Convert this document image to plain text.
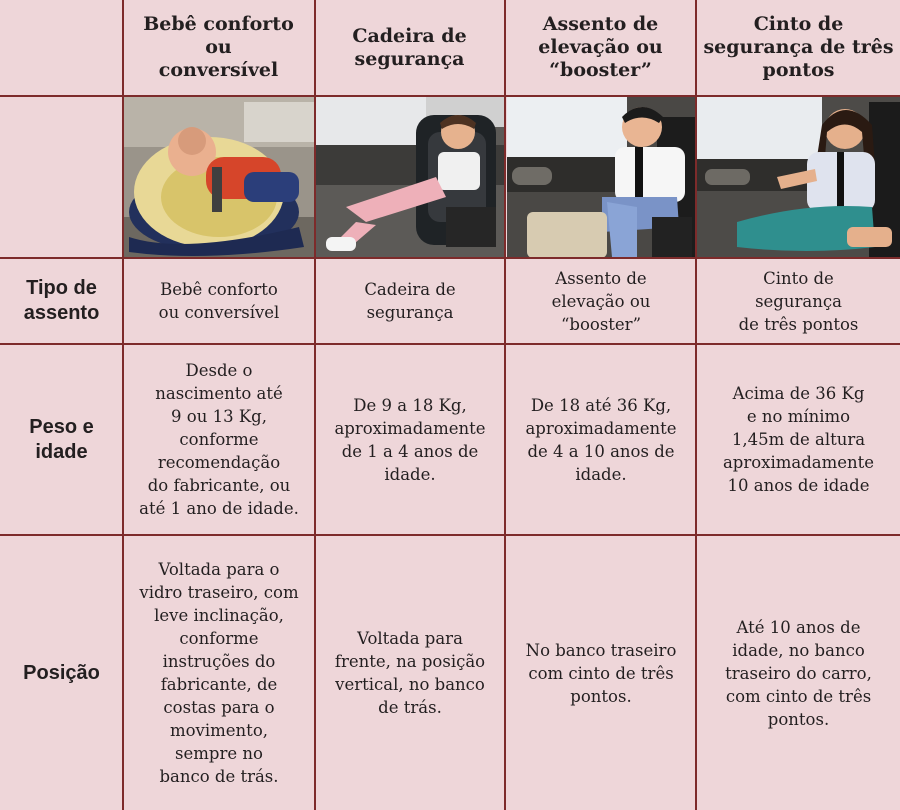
Bebê conforto ou
conversível
Cadeira de
segurança
Assento de
elevação ou
“booster”
Cinto de
segurança de três
pontos
Tipo de
assento
Peso e
idade
Posição
Bebê conforto
ou conversível
Cadeira de
segurança
Assento de
elevação ou
“booster”
Cinto de
segurança
de três pontos
Desde o
nascimento até
9 ou 13 Kg,
conforme
recomendação
do fabricante, ou
até 1 ano de idade.
De 9 a 18 Kg,
aproximadamente
de 1 a 4 anos de
idade.
De 18 até 36 Kg,
aproximadamente
de 4 a 10 anos de
idade.
Acima de 36 Kg
e no mínimo
1,45m de altura
aproximadamente
10 anos de idade
Voltada para o
vidro traseiro, com
leve inclinação,
conforme
instruções do
fabricante, de
costas para o
movimento,
sempre no
banco de trás.
Voltada para
frente, na posição
vertical, no banco
de trás.
No banco traseiro
com cinto de três
pontos.
Até 10 anos de
idade, no banco
traseiro do carro,
com cinto de três
pontos.
